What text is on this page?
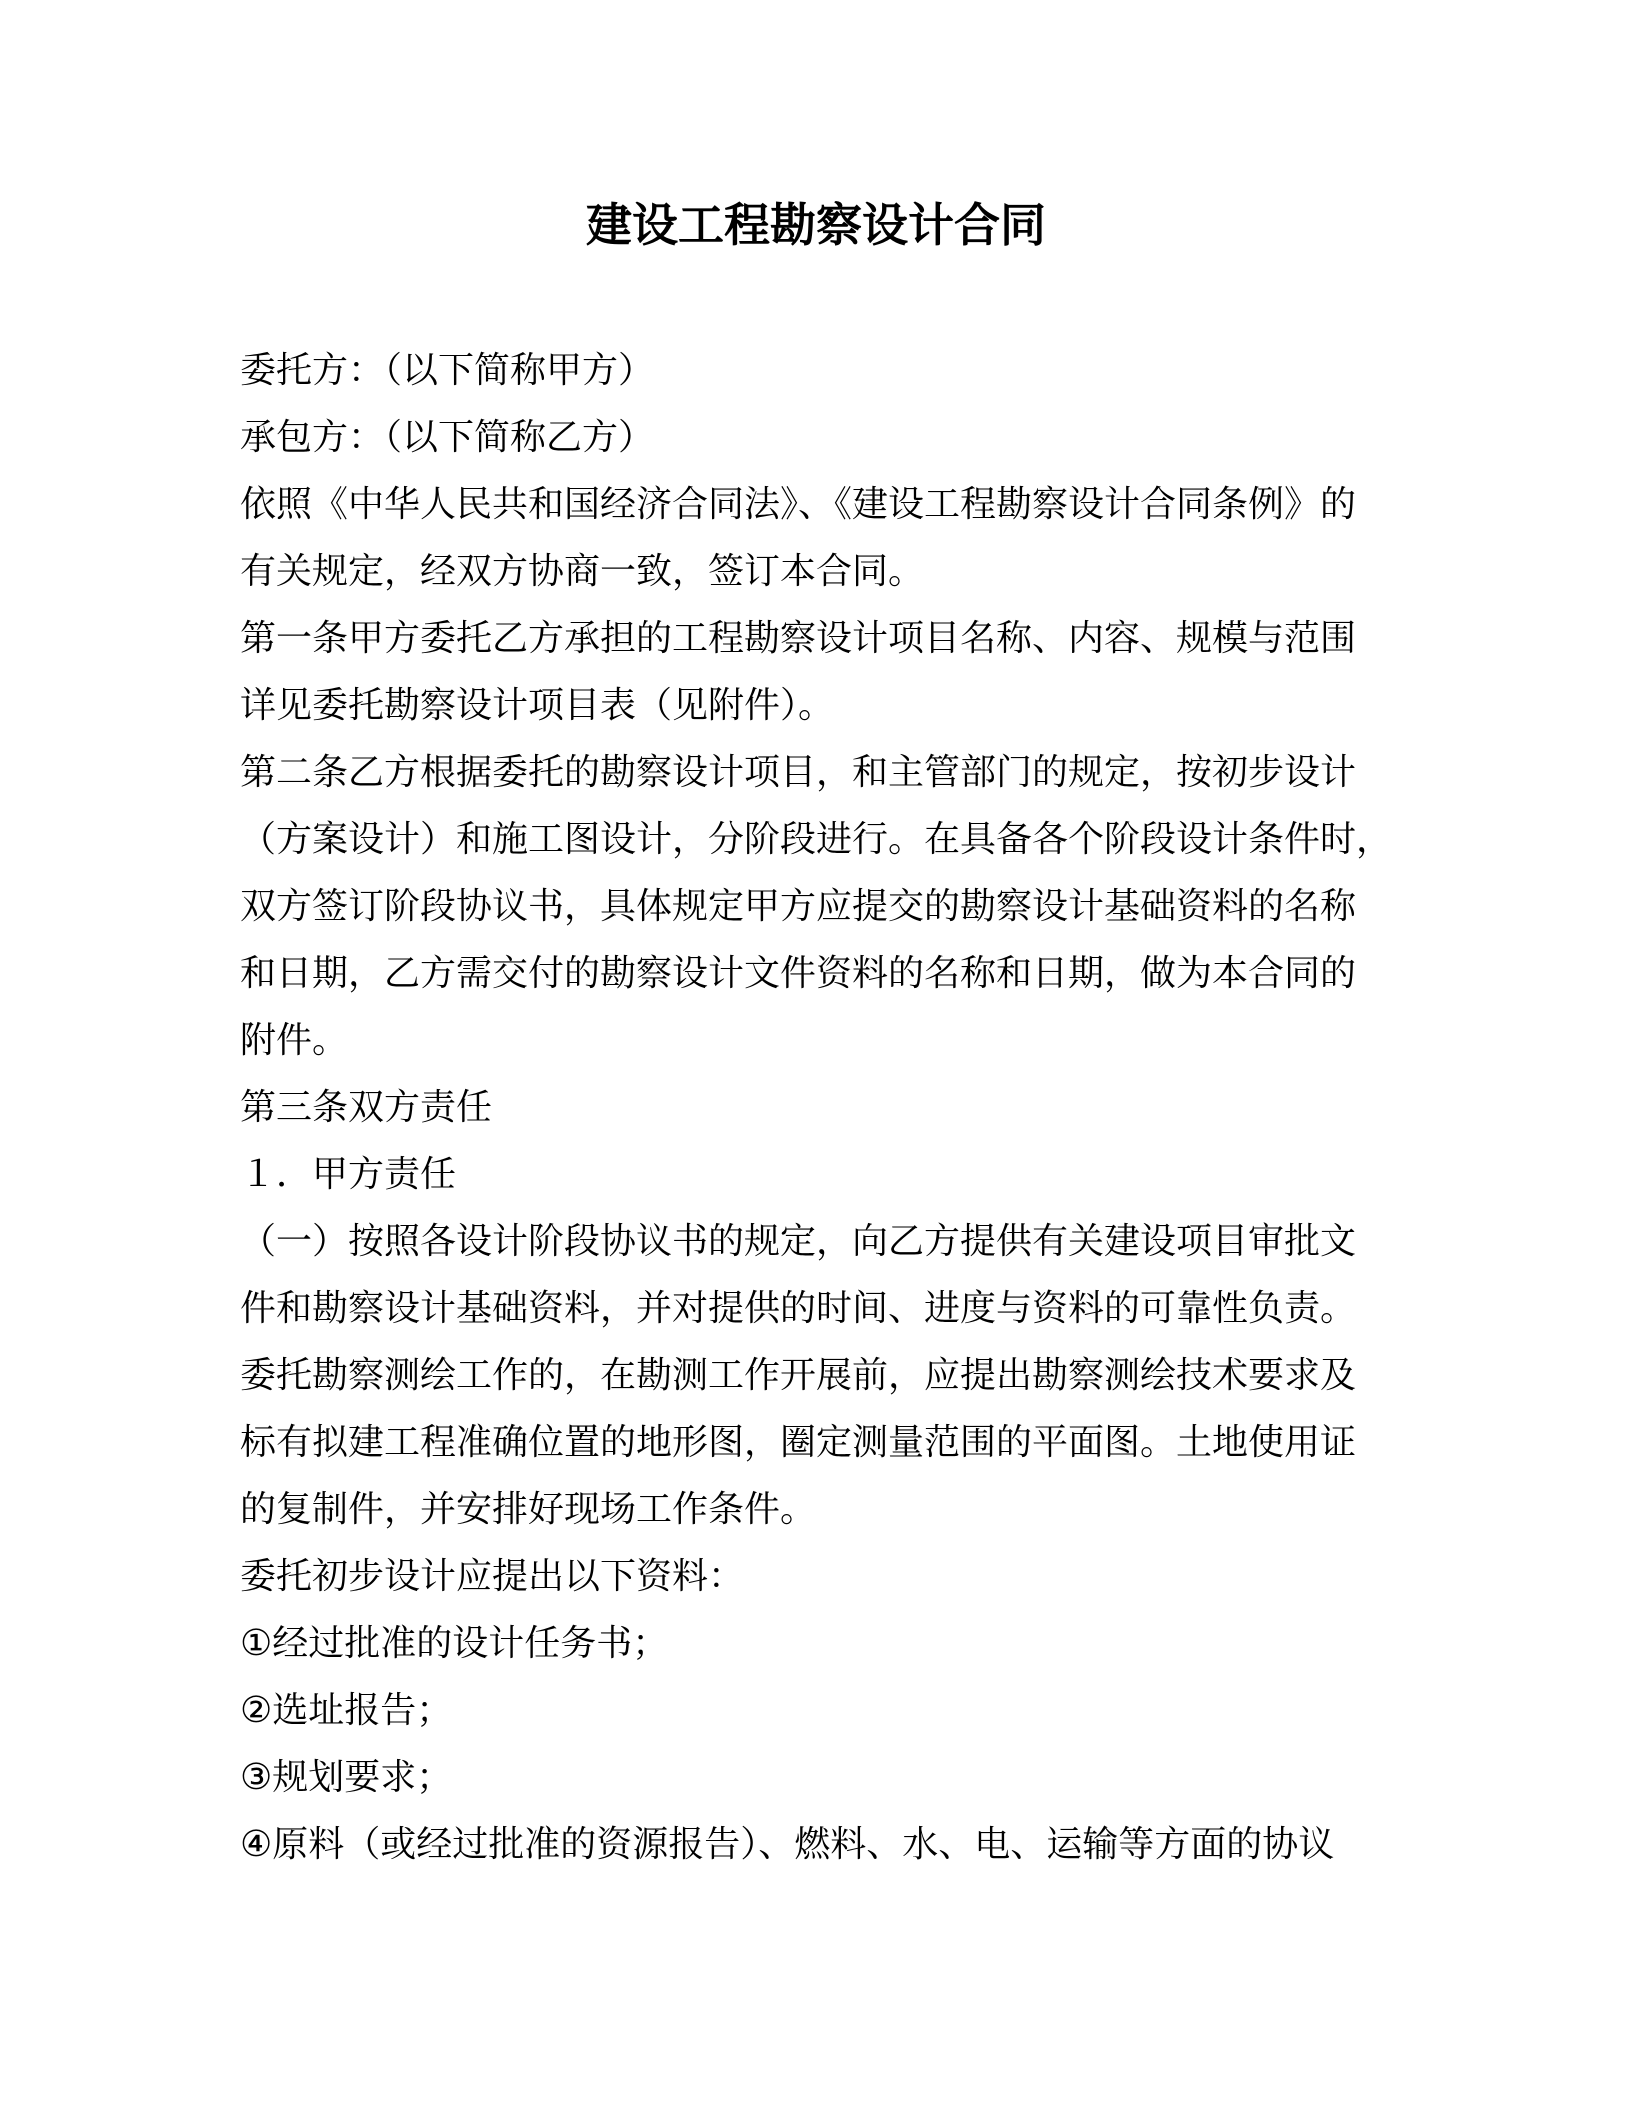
建设工程勘察设计合同
委托方：（以下简称甲方）
承包方：（以下简称乙方）
依照《中华人民共和国经济合同法》、《建设工程勘察设计合同条例》的
有关规定，经双方协商一致，签订本合同。
第一条甲方委托乙方承担的工程勘察设计项目名称、内容、规模与范围
详见委托勘察设计项目表（见附件）。
第二条乙方根据委托的勘察设计项目，和主管部门的规定，按初步设计
（方案设计）和施工图设计，分阶段进行。在具备各个阶段设计条件时，
双方签订阶段协议书，具体规定甲方应提交的勘察设计基础资料的名称
和日期，乙方需交付的勘察设计文件资料的名称和日期，做为本合同的
附件。
第三条双方责任
１．甲方责任
（一）按照各设计阶段协议书的规定，向乙方提供有关建设项目审批文
件和勘察设计基础资料，并对提供的时间、进度与资料的可靠性负责。
委托勘察测绘工作的，在勘测工作开展前，应提出勘察测绘技术要求及
标有拟建工程准确位置的地形图，圈定测量范围的平面图。土地使用证
的复制件，并安排好现场工作条件。
委托初步设计应提出以下资料：
①经过批准的设计任务书；
②选址报告；
③规划要求；
④原料（或经过批准的资源报告）、燃料、水、电、运输等方面的协议
